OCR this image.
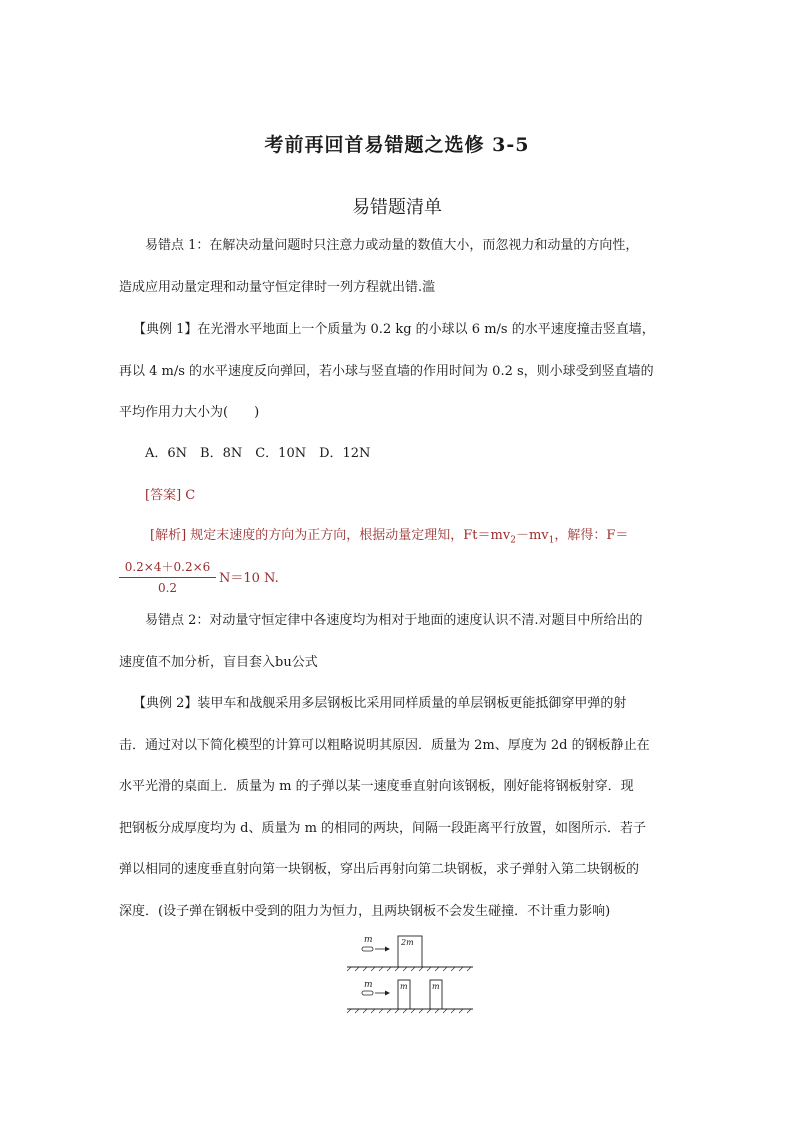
考前再回首易错题之选修 3-5
易错题清单
易错点 1：在解决动量问题时只注意力或动量的数值大小，而忽视力和动量的方向性，
造成应用动量定理和动量守恒定律时一列方程就出错.滥
【典例 1】在光滑水平地面上一个质量为 0.2 kg 的小球以 6 m/s 的水平速度撞击竖直墙，
再以 4 m/s 的水平速度反向弹回，若小球与竖直墙的作用时间为 0.2 s，则小球受到竖直墙的
平均作用力大小为(　　)
A．6N　B．8N　C．10N　D．12N
[答案] C
[解析] 规定末速度的方向为正方向，根据动量定理知，$Ft=mv_2-mv_1$，解得：F＝
0.2×4＋0.2×6
0.2
N＝10 N.
易错点 2：对动量守恒定律中各速度均为相对于地面的速度认识不清.对题目中所给出的
速度值不加分析，盲目套入bu公式
【典例 2】装甲车和战舰采用多层钢板比采用同样质量的单层钢板更能抵御穿甲弹的射
击．通过对以下简化模型的计算可以粗略说明其原因．质量为 2m、厚度为 2d 的钢板静止在
水平光滑的桌面上．质量为 m 的子弹以某一速度垂直射向该钢板，刚好能将钢板射穿．现
把钢板分成厚度均为 d、质量为 m 的相同的两块，间隔一段距离平行放置，如图所示．若子
弹以相同的速度垂直射向第一块钢板，穿出后再射向第二块钢板，求子弹射入第二块钢板的
深度．(设子弹在钢板中受到的阻力为恒力，且两块钢板不会发生碰撞．不计重力影响)
m	2m
m	m	m
